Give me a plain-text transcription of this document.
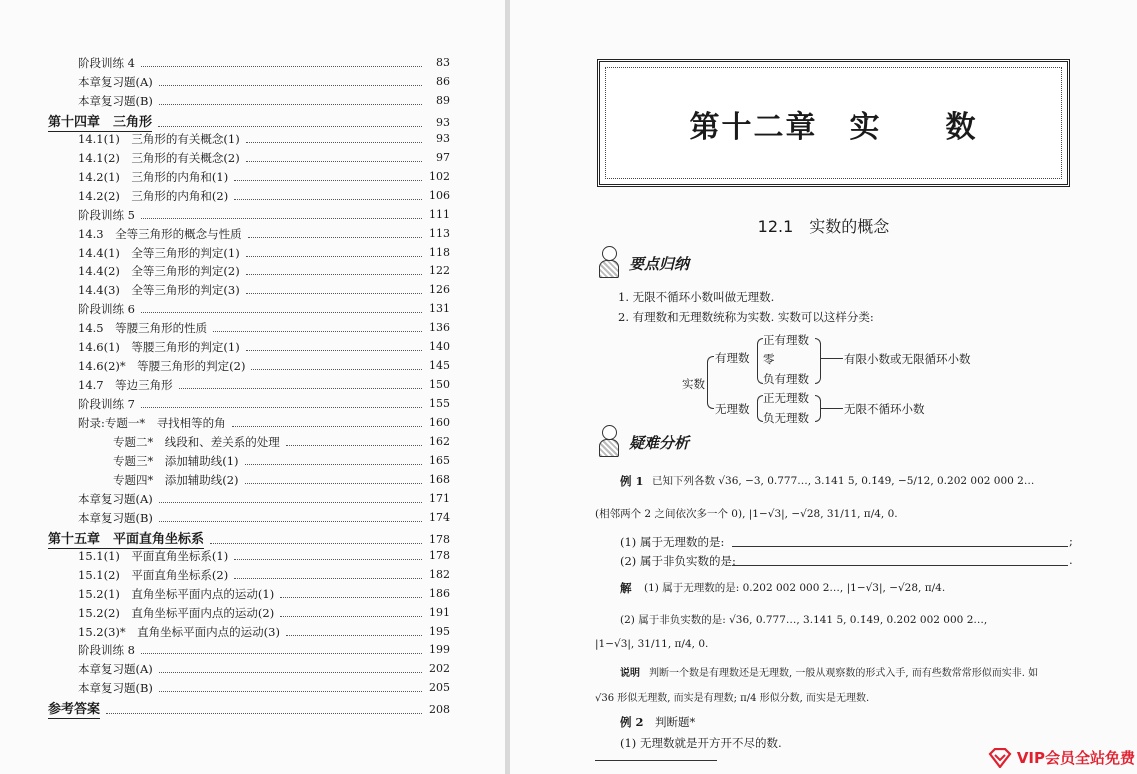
阶段训练 4	83
本章复习题(A)	86
本章复习题(B)	89
第十四章　三角形	93
14.1(1)　三角形的有关概念(1)	93
14.1(2)　三角形的有关概念(2)	97
14.2(1)　三角形的内角和(1)	102
14.2(2)　三角形的内角和(2)	106
阶段训练 5	111
14.3　全等三角形的概念与性质	113
14.4(1)　全等三角形的判定(1)	118
14.4(2)　全等三角形的判定(2)	122
14.4(3)　全等三角形的判定(3)	126
阶段训练 6	131
14.5　等腰三角形的性质	136
14.6(1)　等腰三角形的判定(1)	140
14.6(2)*　等腰三角形的判定(2)	145
14.7　等边三角形	150
阶段训练 7	155
附录:专题一*　寻找相等的角	160
专题二*　线段和、差关系的处理	162
专题三*　添加辅助线(1)	165
专题四*　添加辅助线(2)	168
本章复习题(A)	171
本章复习题(B)	174
第十五章　平面直角坐标系	178
15.1(1)　平面直角坐标系(1)	178
15.1(2)　平面直角坐标系(2)	182
15.2(1)　直角坐标平面内点的运动(1)	186
15.2(2)　直角坐标平面内点的运动(2)	191
15.2(3)*　直角坐标平面内点的运动(3)	195
阶段训练 8	199
本章复习题(A)	202
本章复习题(B)	205
参考答案	208
第十二章　实　　数
12.1　实数的概念
要点归纳
1. 无限不循环小数叫做无理数.
2. 有理数和无理数统称为实数. 实数可以这样分类:
实数
有理数
无理数
正有理数
零
负有理数
有限小数或无限循环小数
正无理数
负无理数
无限不循环小数
疑难分析
例 1 已知下列各数 √36, −3, 0.777…, 3.141 5, 0.1̇49̇, −5/12, 0.202 002 000 2…
(相邻两个 2 之间依次多一个 0), |1−√3|, −√28, 31/11, π/4, 0.
(1) 属于无理数的是:	;
(2) 属于非负实数的是:	.
解 (1) 属于无理数的是: 0.202 002 000 2…, |1−√3|, −√28, π/4.
(2) 属于非负实数的是: √36, 0.777…, 3.141 5, 0.1̇49̇, 0.202 002 000 2…,
|1−√3|, 31/11, π/4, 0.
说明 判断一个数是有理数还是无理数, 一般从观察数的形式入手, 而有些数常常形似而实非. 如
√36 形似无理数, 而实是有理数; π/4 形似分数, 而实是无理数.
例 2 判断题*
(1) 无理数就是开方开不尽的数.
VIP会员全站免费
